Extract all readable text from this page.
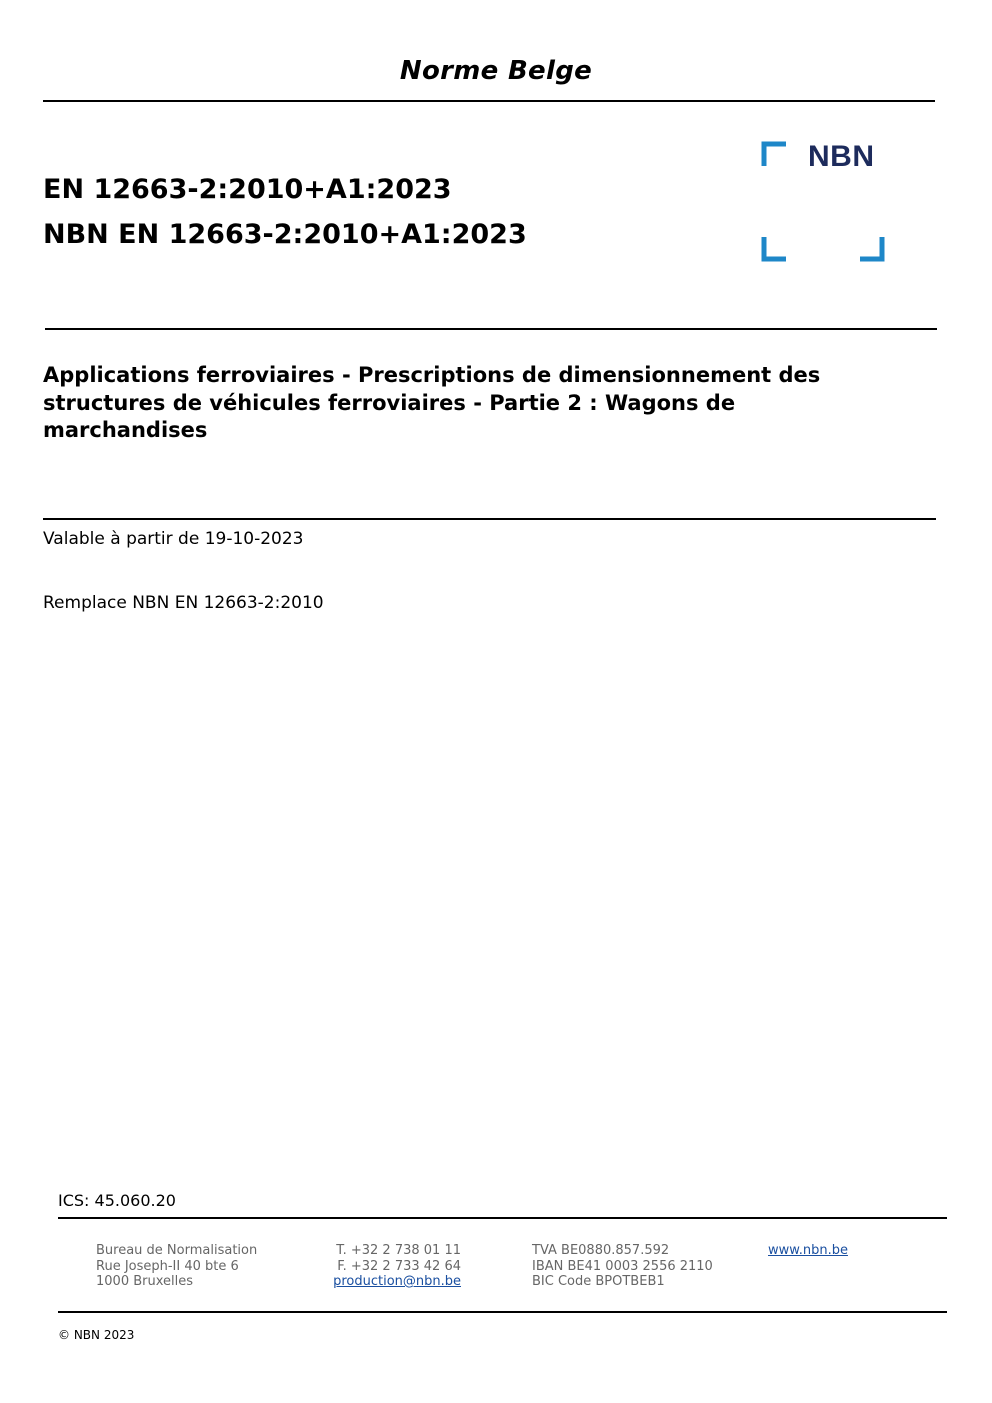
Norme Belge
NBN
EN 12663-2:2010+A1:2023
NBN EN 12663-2:2010+A1:2023
Applications ferroviaires - Prescriptions de dimensionnement des structures de véhicules ferroviaires - Partie 2 : Wagons de marchandises
Valable à partir de 19-10-2023
Remplace NBN EN 12663-2:2010
ICS: 45.060.20
Bureau de Normalisation
Rue Joseph-II 40 bte 6
1000 Bruxelles
T. +32 2 738 01 11
F. +32 2 733 42 64
production@nbn.be
TVA BE0880.857.592
IBAN BE41 0003 2556 2110
BIC Code BPOTBEB1
www.nbn.be
© NBN 2023
